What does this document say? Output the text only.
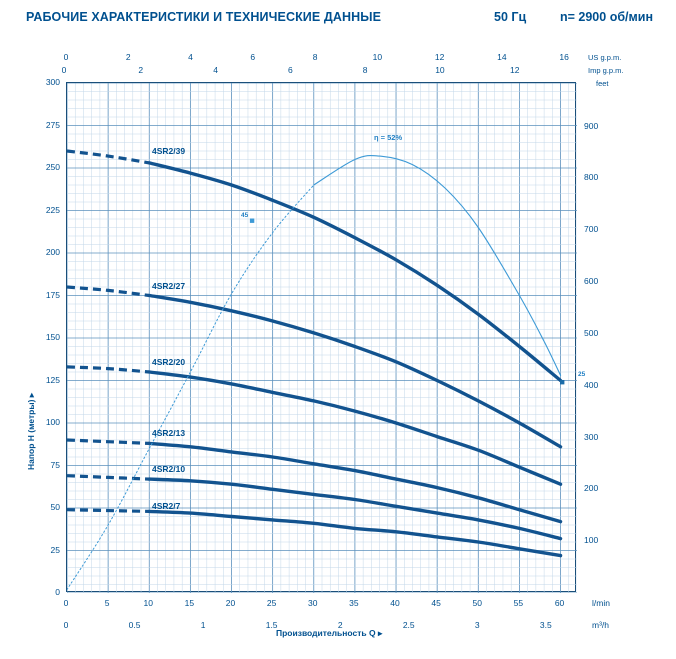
РАБОЧИЕ ХАРАКТЕРИСТИКИ И ТЕХНИЧЕСКИЕ ДАННЫЕ	50 Гц	n= 2900 об/мин
0
0
US g.p.m.
Imp g.p.m.
feet
l/min
m³/h
Напор H (метры) ▸
Производительность Q ▸
4SR2/39
4SR2/27
4SR2/20
4SR2/13
4SR2/10
4SR2/7
η = 52%
45
25
0	5	10	15	20	25	30	35	40	45	50	55	60
0	0.5	1	1.5	2	2.5	3	3.5
2	4	6	8	10	12	14	16
2	4	6	8	10	12
0
25
50
75
100
125
150
175
200
225
250
275
300
100
200
300
400
500
600
700
800
900
